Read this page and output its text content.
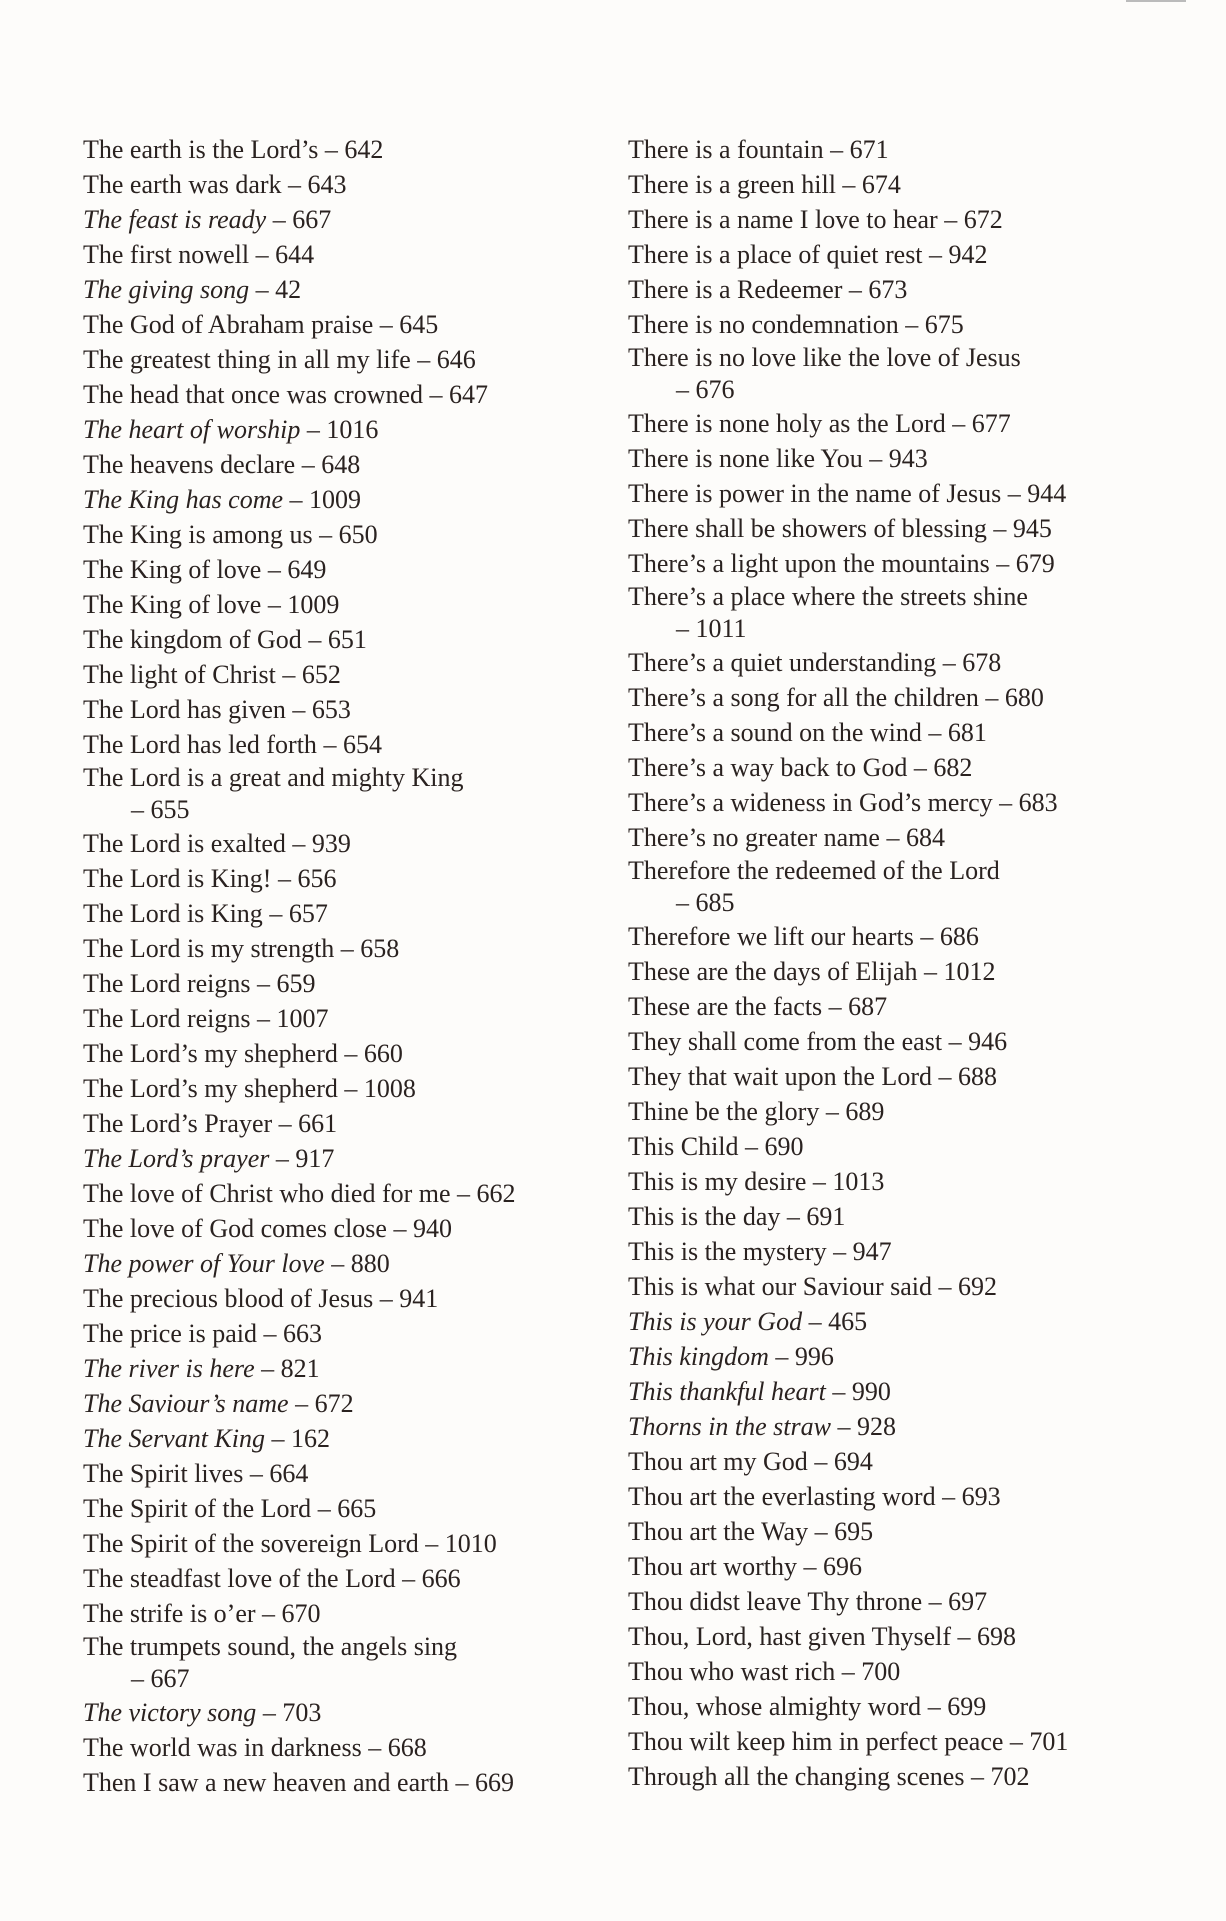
The earth is the Lord’s – 642
The earth was dark – 643
The feast is ready – 667
The first nowell – 644
The giving song – 42
The God of Abraham praise – 645
The greatest thing in all my life – 646
The head that once was crowned – 647
The heart of worship – 1016
The heavens declare – 648
The King has come – 1009
The King is among us – 650
The King of love – 649
The King of love – 1009
The kingdom of God – 651
The light of Christ – 652
The Lord has given – 653
The Lord has led forth – 654
The Lord is a great and mighty King
– 655
The Lord is exalted – 939
The Lord is King! – 656
The Lord is King – 657
The Lord is my strength – 658
The Lord reigns – 659
The Lord reigns – 1007
The Lord’s my shepherd – 660
The Lord’s my shepherd – 1008
The Lord’s Prayer – 661
The Lord’s prayer – 917
The love of Christ who died for me – 662
The love of God comes close – 940
The power of Your love – 880
The precious blood of Jesus – 941
The price is paid – 663
The river is here – 821
The Saviour’s name – 672
The Servant King – 162
The Spirit lives – 664
The Spirit of the Lord – 665
The Spirit of the sovereign Lord – 1010
The steadfast love of the Lord – 666
The strife is o’er – 670
The trumpets sound, the angels sing
– 667
The victory song – 703
The world was in darkness – 668
Then I saw a new heaven and earth – 669
There is a fountain – 671
There is a green hill – 674
There is a name I love to hear – 672
There is a place of quiet rest – 942
There is a Redeemer – 673
There is no condemnation – 675
There is no love like the love of Jesus
– 676
There is none holy as the Lord – 677
There is none like You – 943
There is power in the name of Jesus – 944
There shall be showers of blessing – 945
There’s a light upon the mountains – 679
There’s a place where the streets shine
– 1011
There’s a quiet understanding – 678
There’s a song for all the children – 680
There’s a sound on the wind – 681
There’s a way back to God – 682
There’s a wideness in God’s mercy – 683
There’s no greater name – 684
Therefore the redeemed of the Lord
– 685
Therefore we lift our hearts – 686
These are the days of Elijah – 1012
These are the facts – 687
They shall come from the east – 946
They that wait upon the Lord – 688
Thine be the glory – 689
This Child – 690
This is my desire – 1013
This is the day – 691
This is the mystery – 947
This is what our Saviour said – 692
This is your God – 465
This kingdom – 996
This thankful heart – 990
Thorns in the straw – 928
Thou art my God – 694
Thou art the everlasting word – 693
Thou art the Way – 695
Thou art worthy – 696
Thou didst leave Thy throne – 697
Thou, Lord, hast given Thyself – 698
Thou who wast rich – 700
Thou, whose almighty word – 699
Thou wilt keep him in perfect peace – 701
Through all the changing scenes – 702
